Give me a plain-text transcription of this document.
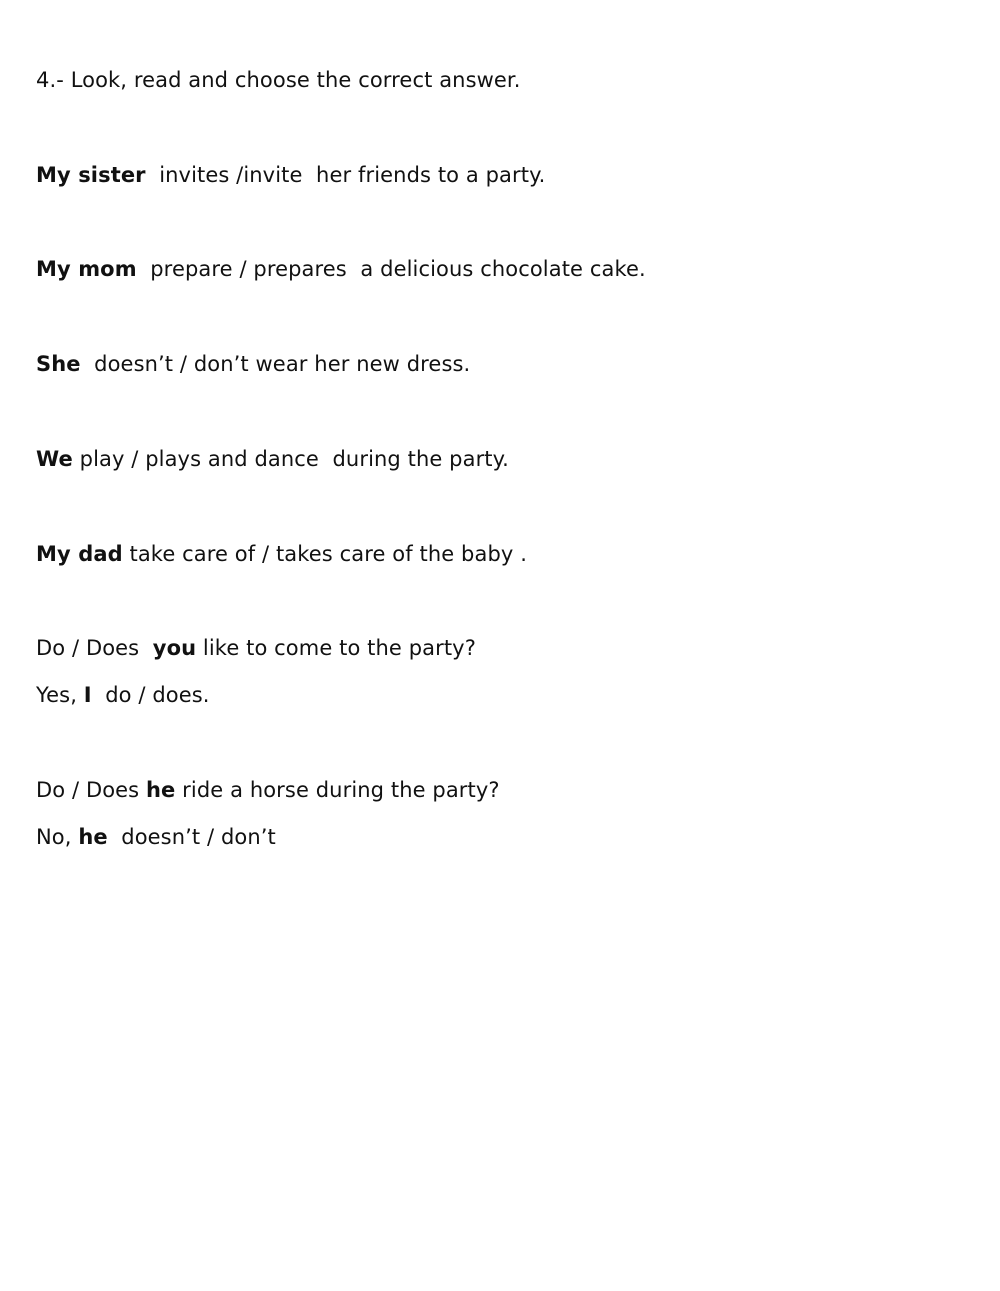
4.- Look, read and choose the correct answer.
My sister  invites /invite  her friends to a party.
My mom  prepare / prepares  a delicious chocolate cake.
She  doesn’t / don’t wear her new dress.
We play / plays and dance  during the party.
My dad take care of / takes care of the baby .
Do / Does  you like to come to the party?
Yes, I  do / does.
Do / Does he ride a horse during the party?
No, he  doesn’t / don’t
